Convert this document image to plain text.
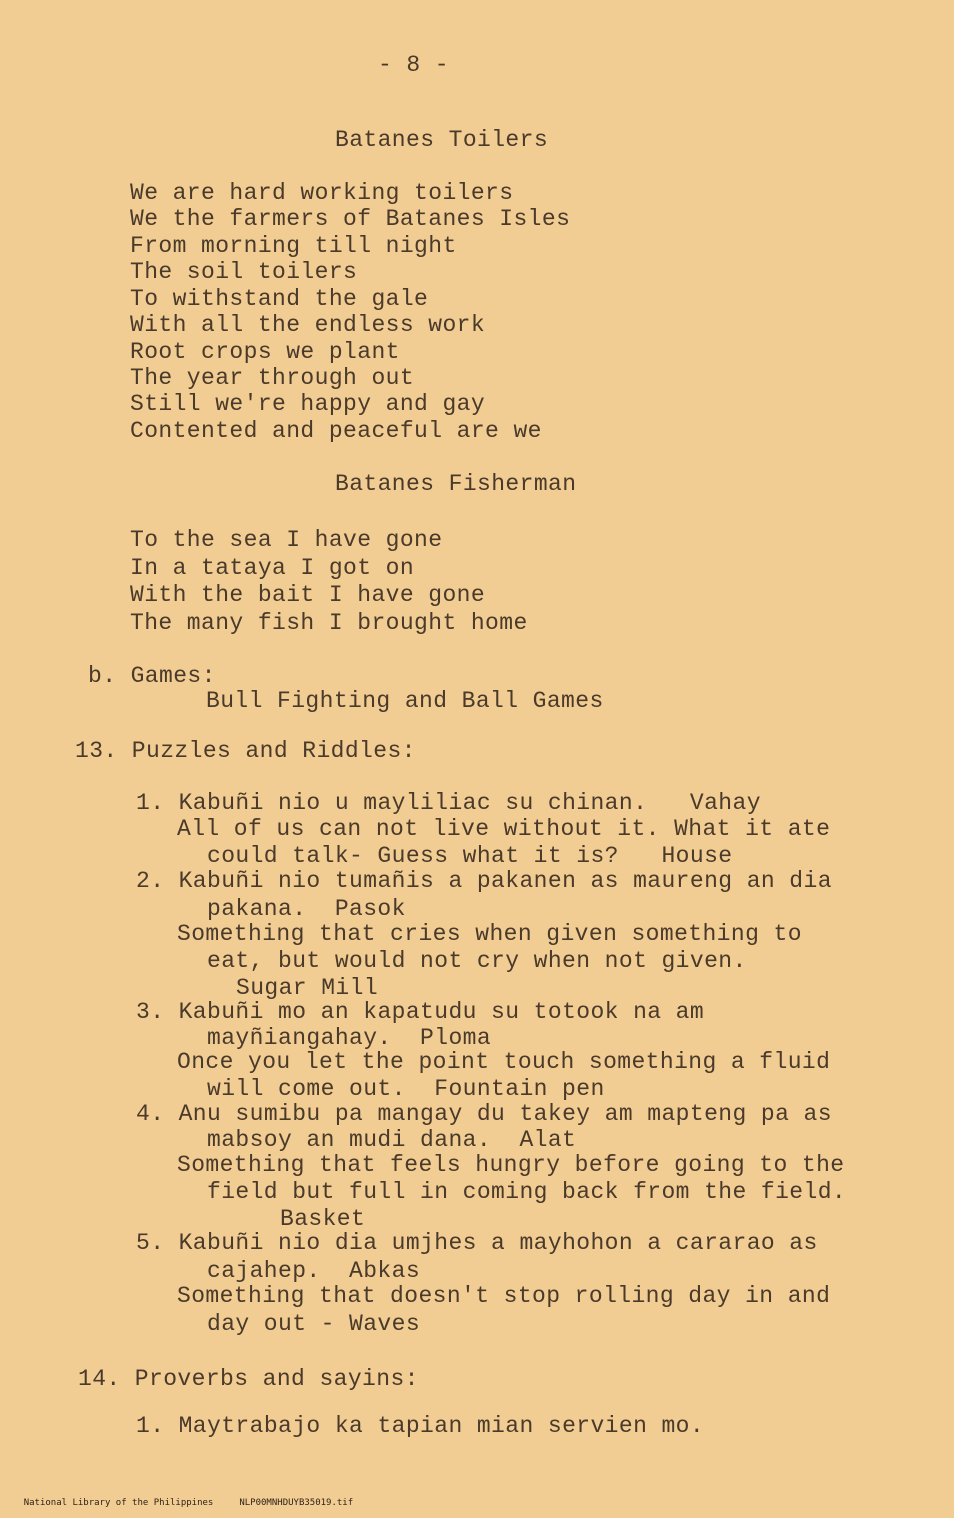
- 8 -
Batanes Toilers
We are hard working toilers
We the farmers of Batanes Isles
From morning till night
The soil toilers
To withstand the gale
With all the endless work
Root crops we plant
The year through out
Still we're happy and gay
Contented and peaceful are we
Batanes Fisherman
To the sea I have gone
In a tataya I got on
With the bait I have gone
The many fish I brought home
b. Games:
Bull Fighting and Ball Games
13. Puzzles and Riddles:
1. Kabuñi nio u mayliliac su chinan.   Vahay
All of us can not live without it. What it ate
could talk- Guess what it is?   House
2. Kabuñi nio tumañis a pakanen as maureng an dia
pakana.  Pasok
Something that cries when given something to
eat, but would not cry when not given.
Sugar Mill
3. Kabuñi mo an kapatudu su totook na am
mayñiangahay.  Ploma
Once you let the point touch something a fluid
will come out.  Fountain pen
4. Anu sumibu pa mangay du takey am mapteng pa as
mabsoy an mudi dana.  Alat
Something that feels hungry before going to the
field but full in coming back from the field.
Basket
5. Kabuñi nio dia umjhes a mayhohon a cararao as
cajahep.  Abkas
Something that doesn't stop rolling day in and
day out - Waves
14. Proverbs and sayins:
1. Maytrabajo ka tapian mian servien mo.

National Library of the Philippines	NLP00MNHDUYB35019.tif
